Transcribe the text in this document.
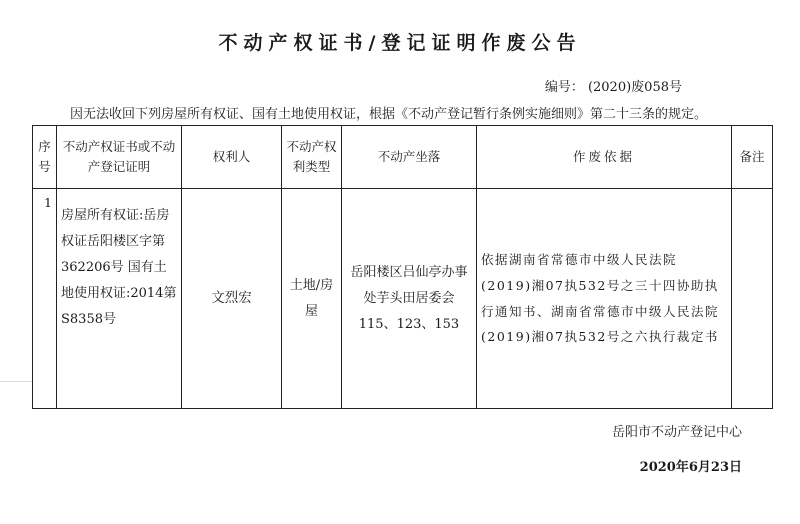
不动产权证书/登记证明作废公告
编号： (2020)废058号
因无法收回下列房屋所有权证、国有土地使用权证，根据《不动产登记暂行条例实施细则》第二十三条的规定。
序号	不动产权证书或不动产登记证明	权利人	不动产权利类型	不动产坐落	作废依据	备注
1	房屋所有权证:岳房权证岳阳楼区字第362206号 国有土地使用权证:2014第S8358号	文烈宏	土地/房屋	岳阳楼区吕仙亭办事处芋头田居委会115、123、153	依据湖南省常德市中级人民法院(2019)湘07执532号之三十四协助执行通知书、湖南省常德市中级人民法院(2019)湘07执532号之六执行裁定书	
岳阳市不动产登记中心
2020年6月23日
